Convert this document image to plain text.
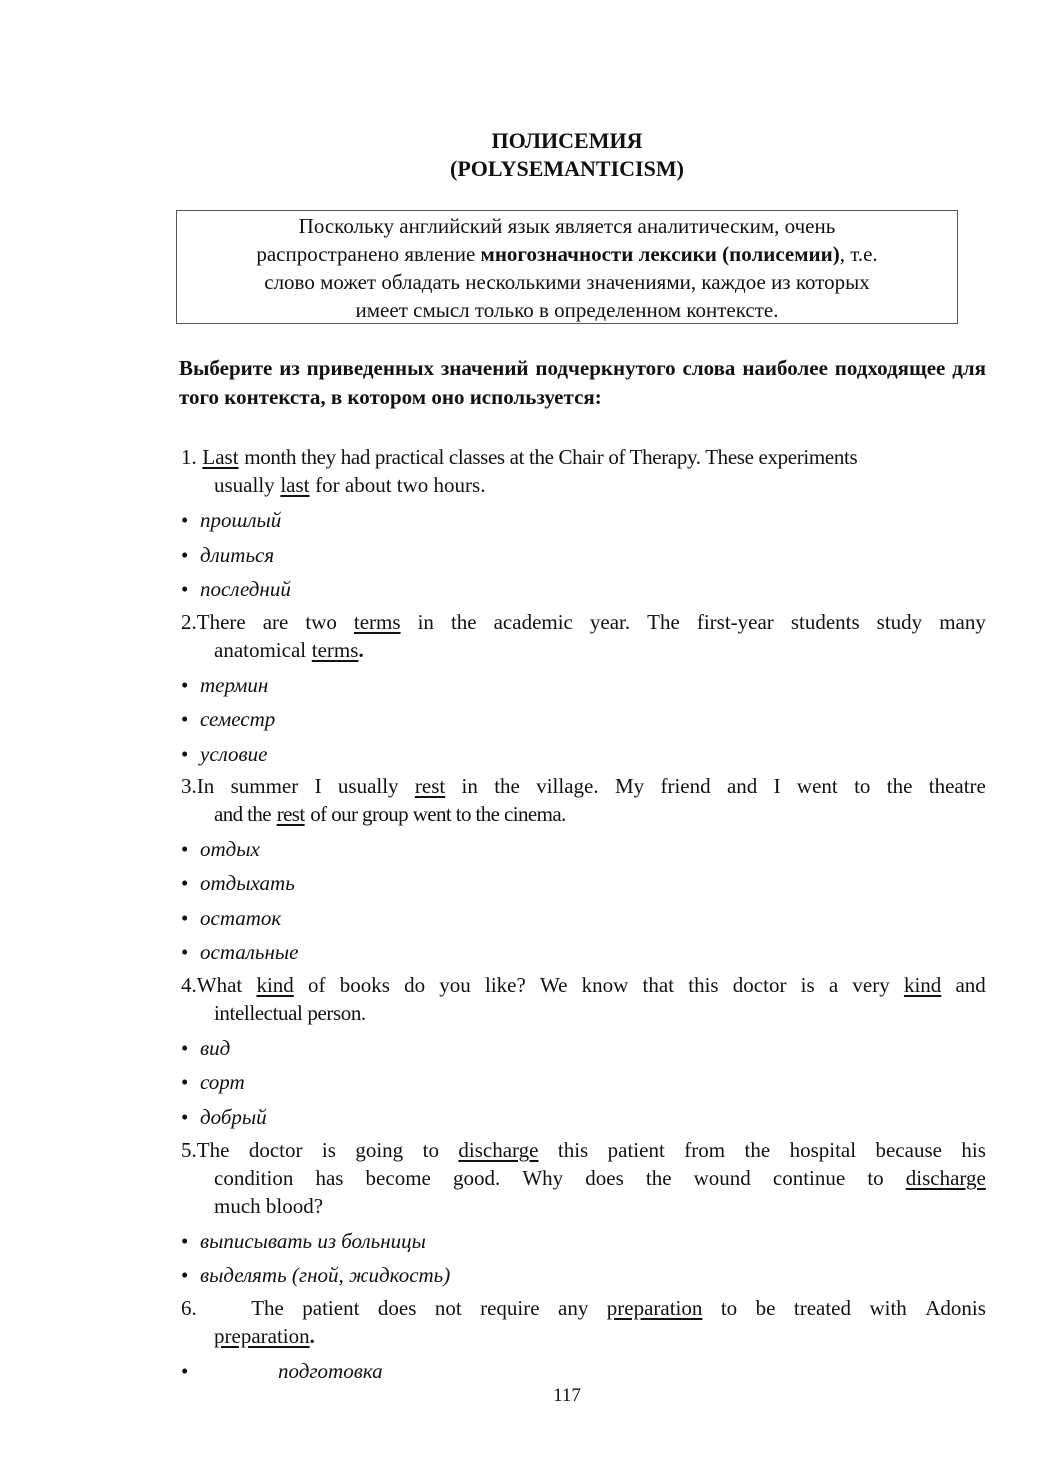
ПОЛИСЕМИЯ
(POLYSEMANTICISM)
Поскольку английский язык является аналитическим, очень
распространено явление многозначности лексики (полисемии), т.е.
слово может обладать несколькими значениями, каждое из которых
имеет смысл только в определенном контексте.
Выберите из приведенных значений подчеркнутого слова наиболее подходящее для того контекста, в котором оно используется:
1. Last month they had practical classes at the Chair of Therapy. These experiments
usually last for about two hours.
• прошлый
• длиться
• последний
2.There are two terms in the academic year. The first-year students study many
anatomical terms.
• термин
• семестр
• условие
3.In summer I usually rest in the village. My friend and I went to the theatre
and the rest of our group went to the cinema.
• отдых
• отдыхать
• остаток
• остальные
4.What kind of books do you like? We know that this doctor is a very kind and
intellectual person.
• вид
• сорт
• добрый
5.The doctor is going to discharge this patient from the hospital because his
condition has become good. Why does the wound continue to discharge
much blood?
• выписывать из больницы
• выделять (гной, жидкость)
6.	The patient does not require any preparation to be treated with Adonis
preparation.
•	подготовка
117
